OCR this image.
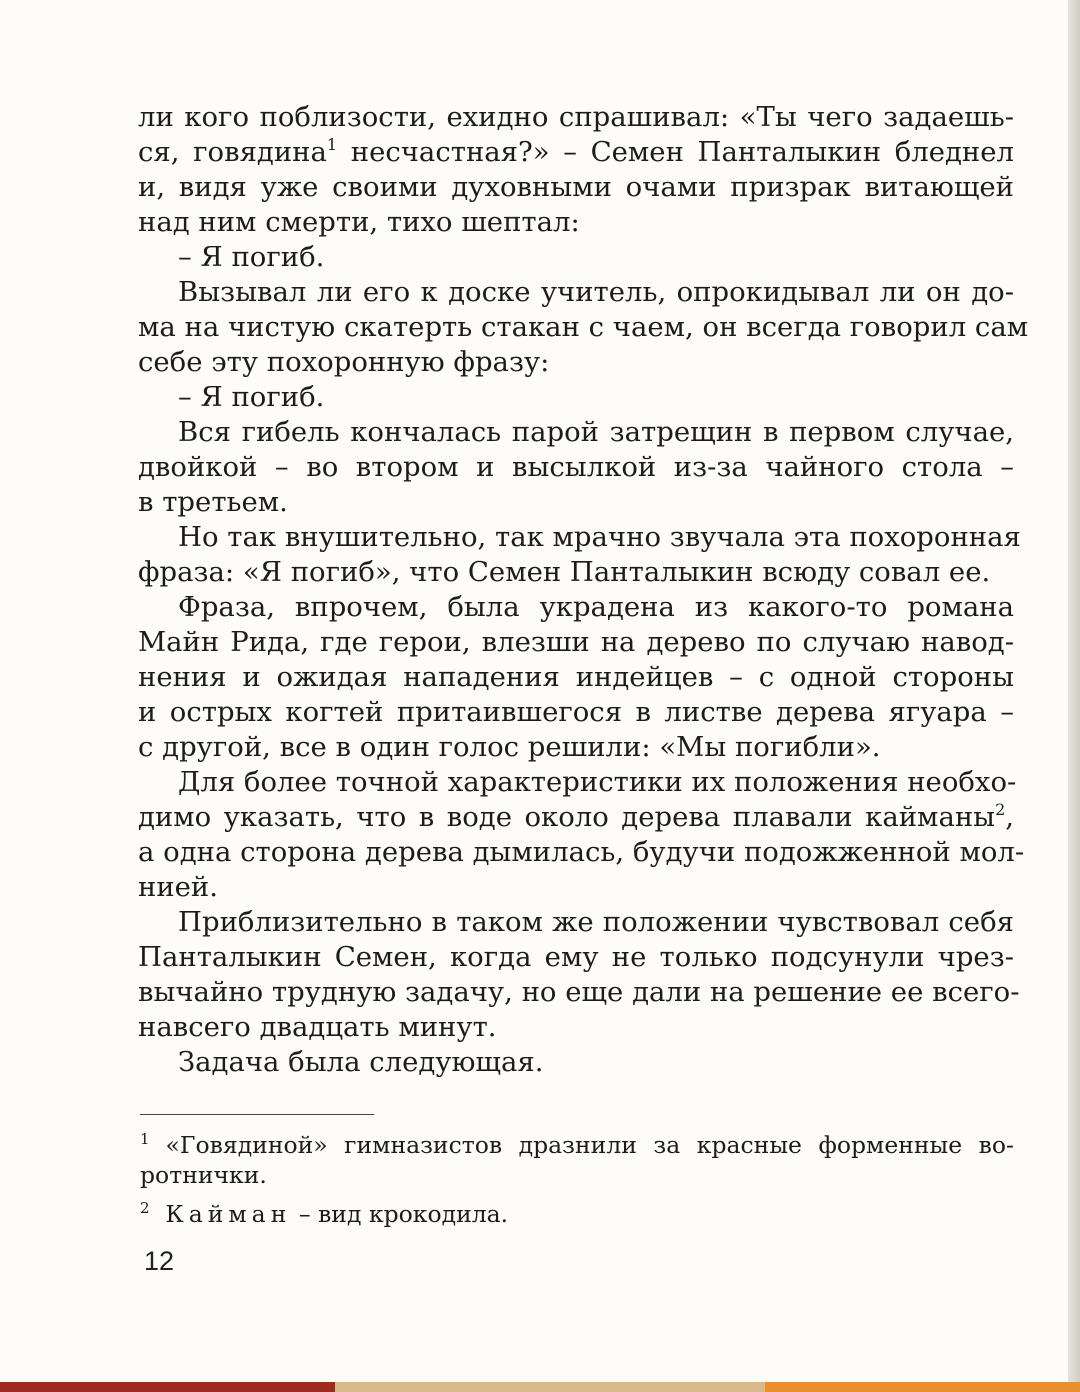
ли кого поблизости, ехидно спрашивал: «Ты чего задаешь-
ся, говядина$^1$ несчастная?» – Семен Панталыкин бледнел
и, видя уже своими духовными очами призрак витающей
над ним смерти, тихо шептал:
– Я погиб.
Вызывал ли его к доске учитель, опрокидывал ли он до-
ма на чистую скатерть стакан с чаем, он всегда говорил сам
себе эту похоронную фразу:
– Я погиб.
Вся гибель кончалась парой затрещин в первом случае,
двойкой – во втором и высылкой из-за чайного стола –
в третьем.
Но так внушительно, так мрачно звучала эта похоронная
фраза: «Я погиб», что Семен Панталыкин всюду совал ее.
Фраза, впрочем, была украдена из какого-то романа
Майн Рида, где герои, влезши на дерево по случаю навод-
нения и ожидая нападения индейцев – с одной стороны
и острых когтей притаившегося в листве дерева ягуара –
с другой, все в один голос решили: «Мы погибли».
Для более точной характеристики их положения необхо-
димо указать, что в воде около дерева плавали кайманы$^2$,
а одна сторона дерева дымилась, будучи подожженной мол-
нией.
Приблизительно в таком же положении чувствовал себя
Панталыкин Семен, когда ему не только подсунули чрез-
вычайно трудную задачу, но еще дали на решение ее всего-
навсего двадцать минут.
Задача была следующая.
$^1$ «Говядиной» гимназистов дразнили за красные форменные во-
ротнички.
$^2$ Кайман – вид крокодила.
12
